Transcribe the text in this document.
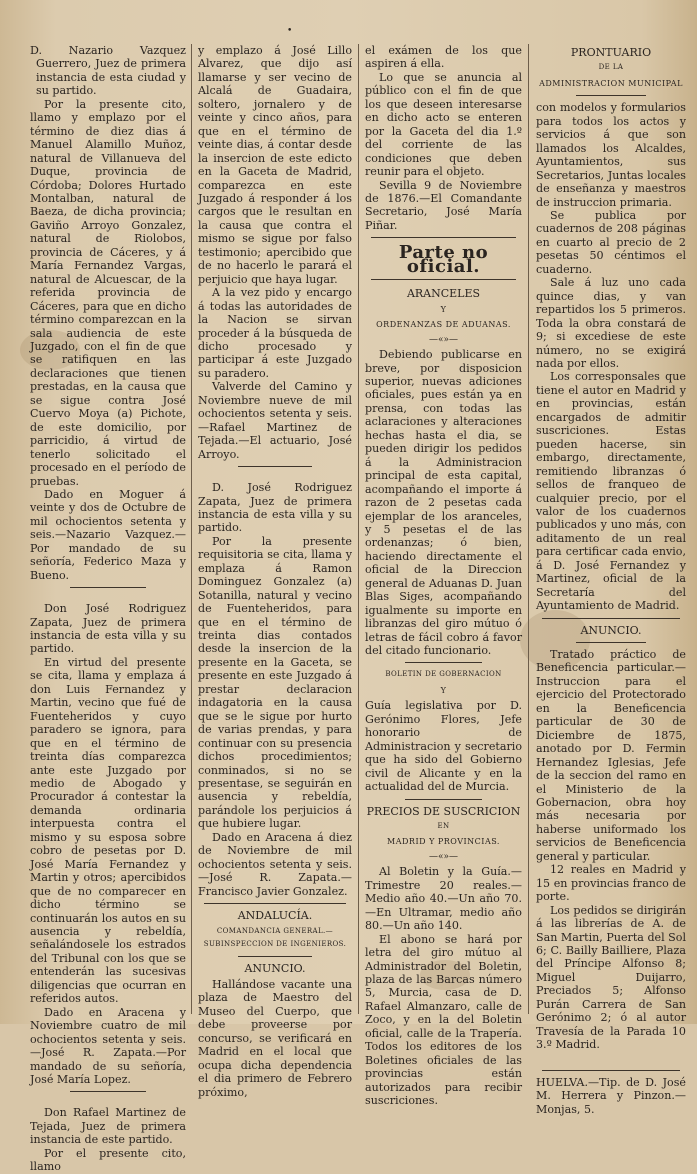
•

D. Nazario Vazquez Guerrero, Juez de primera instancia de esta ciudad y su partido.

Por la presente cito, llamo y emplazo por el término de diez dias á Manuel Alamillo Muñoz, natural de Villanueva del Duque, provincia de Córdoba; Dolores Hurtado Montalban, natural de Baeza, de dicha provincia; Gaviño Arroyo Gonzalez, natural de Riolobos, provincia de Cáceres, y á María Fernandez Vargas, natural de Alcuescar, de la referida provincia de Cáceres, para que en dicho término comparezcan en la sala audiencia de este Juzgado, con el fin de que se ratifiquen en las declaraciones que tienen prestadas, en la causa que se sigue contra José Cuervo Moya (a) Pichote, de este domicilio, por parricidio, á virtud de tenerlo solicitado el procesado en el período de pruebas.

Dado en Moguer á veinte y dos de Octubre de mil ochocientos setenta y seis.—Nazario Vazquez.—Por mandado de su señoría, Federico Maza y Bueno.

Don José Rodriguez Zapata, Juez de primera instancia de esta villa y su partido.

En virtud del presente se cita, llama y emplaza á don Luis Fernandez y Martin, vecino que fué de Fuenteheridos y cuyo paradero se ignora, para que en el término de treinta días comparezca ante este Juzgado por medio de Abogado y Procurador á contestar la demanda ordinaria interpuesta contra el mismo y su esposa sobre cobro de pesetas por D. José María Fernandez y Martin y otros; apercibidos que de no comparecer en dicho término se continuarán los autos en su ausencia y rebeldía, señalándosele los estrados del Tribunal con los que se entenderán las sucesivas diligencias que ocurran en referidos autos.

Dado en Aracena y Noviembre cuatro de mil ochocientos setenta y seis.—José R. Zapata.—Por mandado de su señoría, José María Lopez.

Don Rafael Martinez de Tejada, Juez de primera instancia de este partido.

Por el presente cito, llamo

y emplazo á José Lillo Alvarez, que dijo así llamarse y ser vecino de Alcalá de Guadaira, soltero, jornalero y de veinte y cinco años, para que en el término de veinte dias, á contar desde la insercion de este edicto en la Gaceta de Madrid, comparezca en este Juzgado á responder á los cargos que le resultan en la causa que contra el mismo se sigue por falso testimonio; apercibido que de no hacerlo le parará el perjuicio que haya lugar.

A la vez pido y encargo á todas las autoridades de la Nacion se sirvan proceder á la búsqueda de dicho procesado y participar á este Juzgado su paradero.

Valverde del Camino y Noviembre nueve de mil ochocientos setenta y seis.—Rafael Martinez de Tejada.—El actuario, José Arroyo.

D. José Rodriguez Zapata, Juez de primera instancia de esta villa y su partido.

Por la presente requisitoria se cita, llama y emplaza á Ramon Dominguez Gonzalez (a) Sotanilla, natural y vecino de Fuenteheridos, para que en el término de treinta dias contados desde la insercion de la presente en la Gaceta, se presente en este Juzgado á prestar declaracion indagatoria en la causa que se le sigue por hurto de varias prendas, y para continuar con su presencia dichos procedimientos; conminados, si no se presentase, se seguirán en ausencia y rebeldía, parándole los perjuicios á que hubiere lugar.

Dado en Aracena á diez de Noviembre de mil ochocientos setenta y seis.—José R. Zapata.—Francisco Javier Gonzalez.

ANDALUCÍA.
COMANDANCIA GENERAL.—SUBINSPECCION DE INGENIEROS.
ANUNCIO.

Hallándose vacante una plaza de Maestro del Museo del Cuerpo, que debe proveerse por concurso, se verificará en Madrid en el local que ocupa dicha dependencia el dia primero de Febrero próximo,

el exámen de los que aspiren á ella.

Lo que se anuncia al público con el fin de que los que deseen interesarse en dicho acto se enteren por la Gaceta del dia 1.º del corriente de las condiciones que deben reunir para el objeto.

Sevilla 9 de Noviembre de 1876.—El Comandante Secretario, José María Piñar.

Parte no oficial.
ARANCELES
Y
ORDENANZAS DE ADUANAS.
—«»—

Debiendo publicarse en breve, por disposicion superior, nuevas adiciones oficiales, pues están ya en prensa, con todas las aclaraciones y alteraciones hechas hasta el dia, se pueden dirigir los pedidos á la Administracion principal de esta capital, acompañando el importe á razon de 2 pesetas cada ejemplar de los aranceles, y 5 pesetas el de las ordenanzas; ó bien, haciendo directamente el oficial de la Direccion general de Aduanas D. Juan Blas Siges, acompañando igualmente su importe en libranzas del giro mútuo ó letras de fácil cobro á favor del citado funcionario.

BOLETIN DE GOBERNACION
Y

Guía legislativa por D. Gerónimo Flores, Jefe honorario de Administracion y secretario que ha sido del Gobierno civil de Alicante y en la actualidad del de Murcia.

PRECIOS DE SUSCRICION
EN
MADRID Y PROVINCIAS.
—«»—

Al Boletin y la Guía.—Trimestre 20 reales.—Medio año 40.—Un año 70.—En Ultramar, medio año 80.—Un año 140.

El abono se hará por letra del giro mútuo al Administrador del Boletin, plaza de las Barcas número 5, Murcia, casa de D. Rafael Almanzaro, calle de Zoco, y en la del Boletin oficial, calle de la Trapería. Todos los editores de los Boletines oficiales de las provincias están autorizados para recibir suscriciones.

PRONTUARIO
DE LA
ADMINISTRACION MUNICIPAL

con modelos y formularios para todos los actos y servicios á que son llamados los Alcaldes, Ayuntamientos, sus Secretarios, Juntas locales de enseñanza y maestros de instruccion primaria.

Se publica por cuadernos de 208 páginas en cuarto al precio de 2 pesetas 50 céntimos el cuaderno.

Sale á luz uno cada quince dias, y van repartidos los 5 primeros. Toda la obra constará de 9; si excediese de este número, no se exigirá nada por ellos.

Los corresponsales que tiene el autor en Madrid y en provincias, están encargados de admitir suscriciones. Estas pueden hacerse, sin embargo, directamente, remitiendo libranzas ó sellos de franqueo de cualquier precio, por el valor de los cuadernos publicados y uno más, con aditamento de un real para certificar cada envio, á D. José Fernandez y Martinez, oficial de la Secretaría del Ayuntamiento de Madrid.

ANUNCIO.

Tratado práctico de Beneficencia particular.—Instruccion para el ejercicio del Protectorado en la Beneficencia particular de 30 de Diciembre de 1875, anotado por D. Fermin Hernandez Iglesias, Jefe de la seccion del ramo en el Ministerio de la Gobernacion, obra hoy más necesaria por haberse uniformado los servicios de Beneficencia general y particular.

12 reales en Madrid y 15 en provincias franco de porte.

Los pedidos se dirigirán á las librerías de A. de San Martin, Puerta del Sol 6; C. Bailly Bailliere, Plaza del Príncipe Alfonso 8; Miguel Duijarro, Preciados 5; Alfonso Purán Carrera de San Gerónimo 2; ó al autor Travesía de la Parada 10 3.º Madrid.

HUELVA.—Tip. de D. José M. Herrera y Pinzon.—Monjas, 5.
